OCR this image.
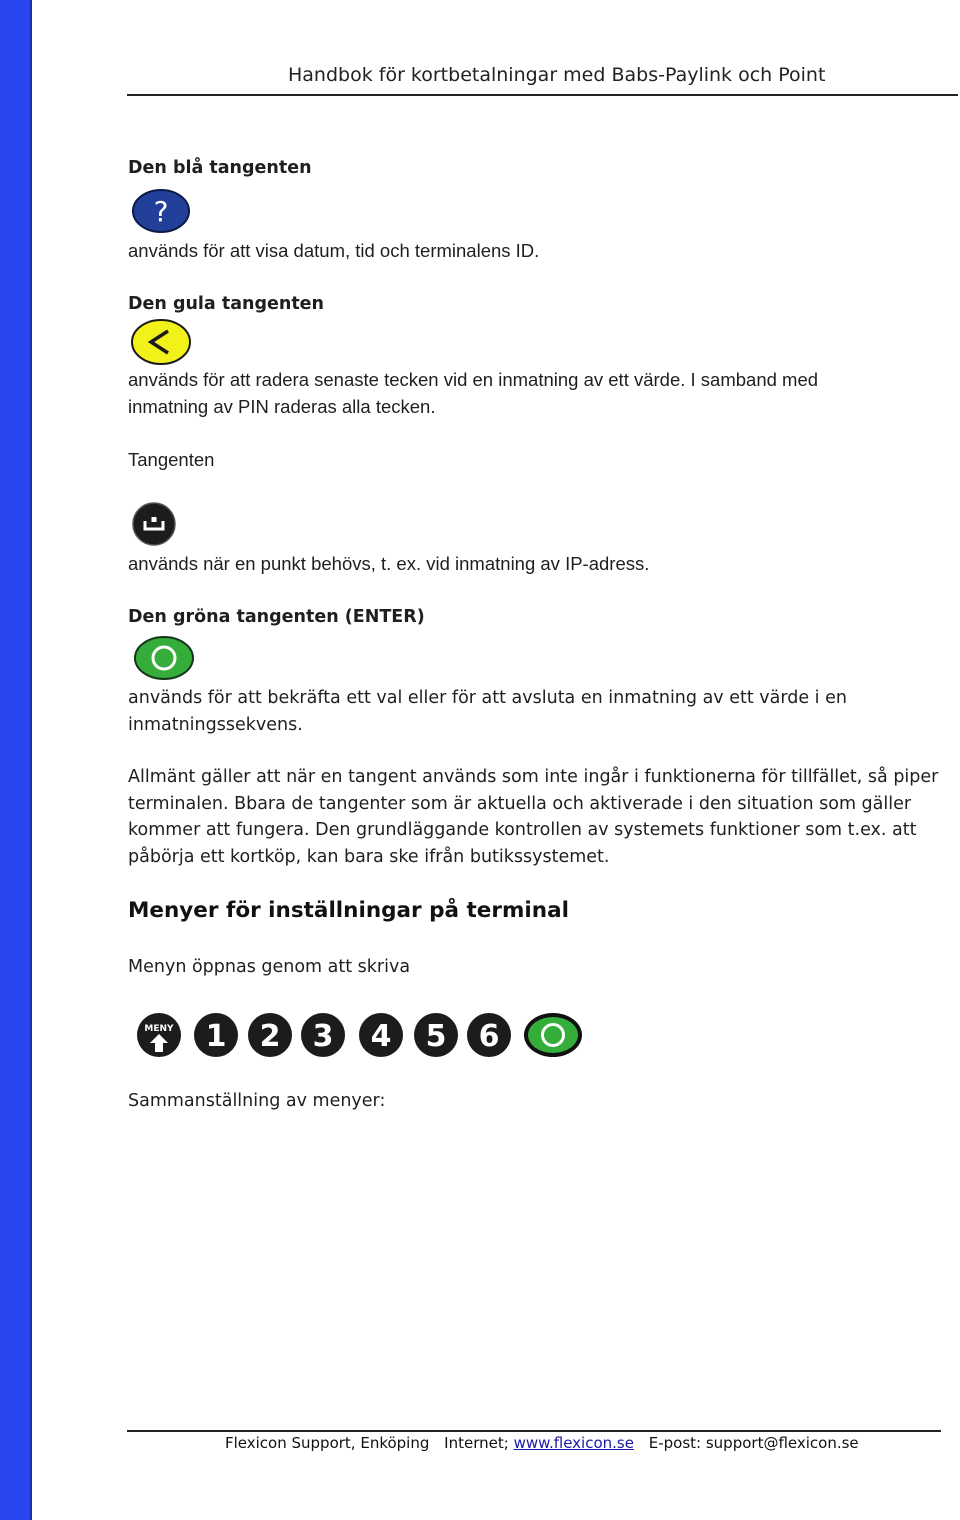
Handbok för kortbetalningar med Babs-Paylink och Point
Den blå tangenten
?
används för att visa datum, tid och terminalens ID.
Den gula tangenten
används för att radera senaste tecken vid en inmatning av ett värde. I samband med
inmatning av PIN raderas alla tecken.
Tangenten
används när en punkt behövs, t. ex. vid inmatning av IP-adress.
Den gröna tangenten (ENTER)
används för att bekräfta ett val eller för att avsluta en inmatning av ett värde i en
inmatningssekvens.
Allmänt gäller att när en tangent används som inte ingår i funktionerna för tillfället, så piper
terminalen. Bbara de tangenter som är aktuella och aktiverade i den situation som gäller
kommer att fungera. Den grundläggande kontrollen av systemets funktioner som t.ex. att
påbörja ett kortköp, kan bara ske ifrån butikssystemet.
Menyer för inställningar på terminal
Menyn öppnas genom att skriva
MENY 1 2 3 4 5 6
Sammanställning av menyer:
Flexicon Support, Enköping Internet; www.flexicon.se E-post: support@flexicon.se
